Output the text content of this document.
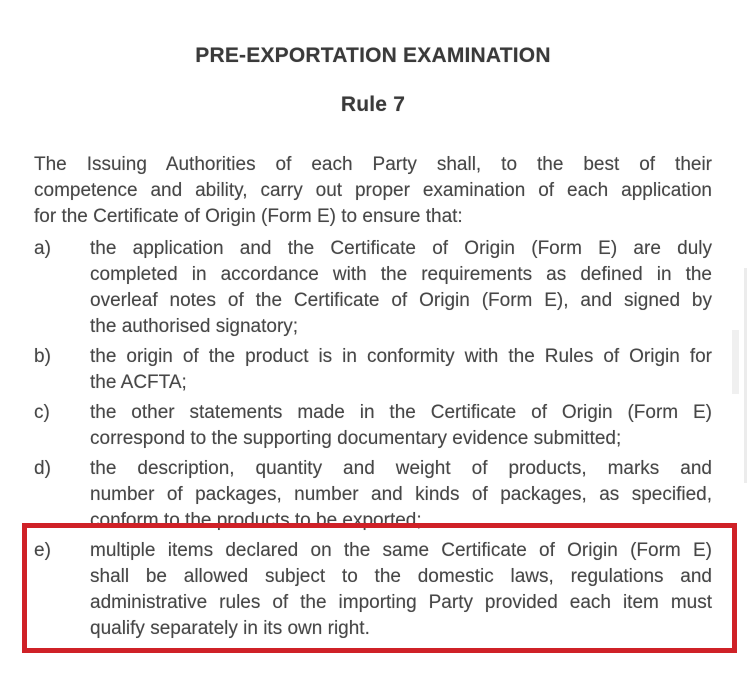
PRE-EXPORTATION EXAMINATION
Rule 7
The Issuing Authorities of each Party shall, to the best of their
competence and ability, carry out proper examination of each application
for the Certificate of Origin (Form E) to ensure that:
a)	the application and the Certificate of Origin (Form E) are duly
completed in accordance with the requirements as defined in the
overleaf notes of the Certificate of Origin (Form E), and signed by
the authorised signatory;
b)	the origin of the product is in conformity with the Rules of Origin for
the ACFTA;
c)	the other statements made in the Certificate of Origin (Form E)
correspond to the supporting documentary evidence submitted;
d)	the description, quantity and weight of products, marks and
number of packages, number and kinds of packages, as specified,
conform to the products to be exported;
e)	multiple items declared on the same Certificate of Origin (Form E)
shall be allowed subject to the domestic laws, regulations and
administrative rules of the importing Party provided each item must
qualify separately in its own right.
